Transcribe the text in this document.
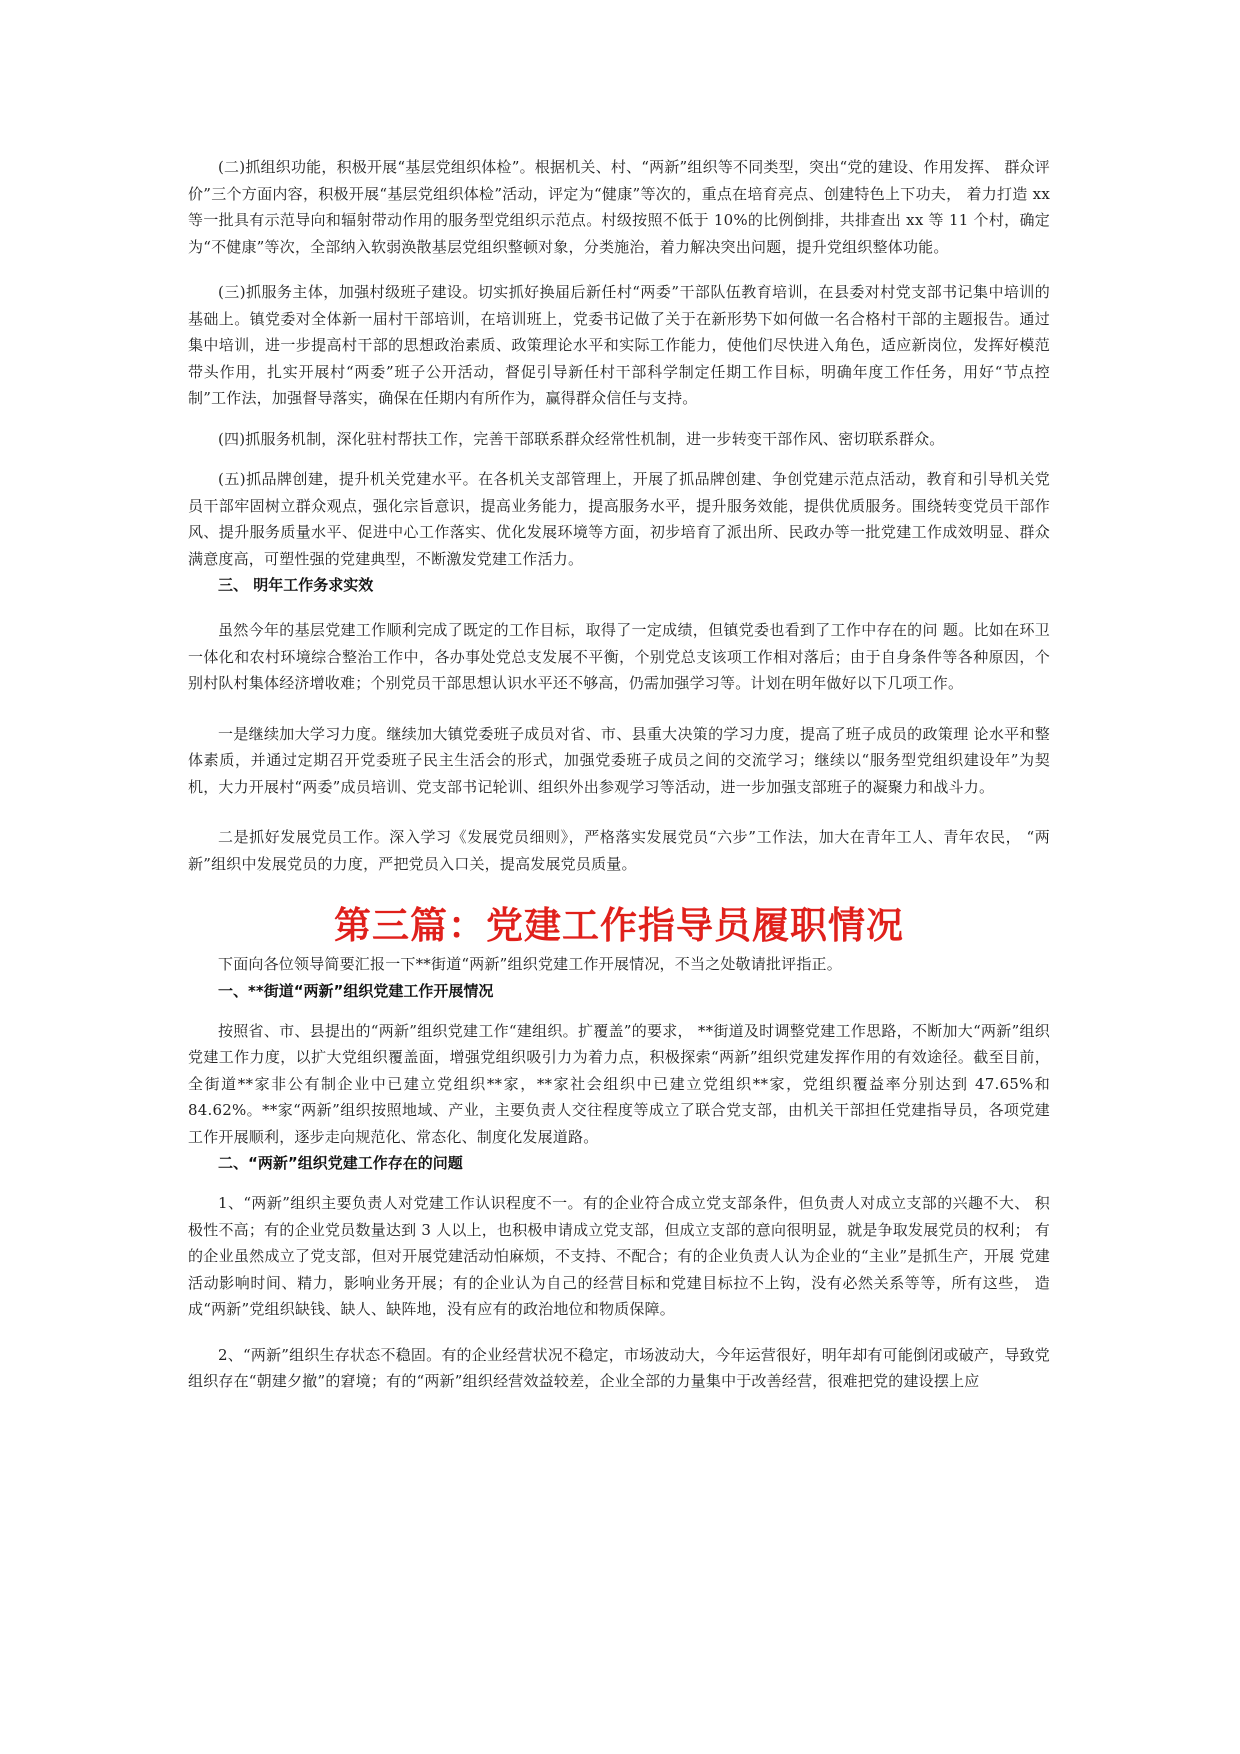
(二)抓组织功能，积极开展“基层党组织体检”。根据机关、村、“两新”组织等不同类型，突出“党的建设、作用发挥、 群众评价”三个方面内容，积极开展“基层党组织体检”活动，评定为“健康”等次的，重点在培育亮点、创建特色上下功夫， 着力打造 xx 等一批具有示范导向和辐射带动作用的服务型党组织示范点。村级按照不低于 10%的比例倒排，共排查出 xx 等 11 个村，确定为“不健康”等次，全部纳入软弱涣散基层党组织整顿对象，分类施治，着力解决突出问题，提升党组织整体功能。

(三)抓服务主体，加强村级班子建设。切实抓好换届后新任村“两委”干部队伍教育培训，在县委对村党支部书记集中培训的基础上。镇党委对全体新一届村干部培训，在培训班上，党委书记做了关于在新形势下如何做一名合格村干部的主题报告。通过集中培训，进一步提高村干部的思想政治素质、政策理论水平和实际工作能力，使他们尽快进入角色，适应新岗位，发挥好模范带头作用，扎实开展村“两委”班子公开活动，督促引导新任村干部科学制定任期工作目标，明确年度工作任务，用好“节点控制”工作法，加强督导落实，确保在任期内有所作为，赢得群众信任与支持。

(四)抓服务机制，深化驻村帮扶工作，完善干部联系群众经常性机制，进一步转变干部作风、密切联系群众。

(五)抓品牌创建，提升机关党建水平。在各机关支部管理上，开展了抓品牌创建、争创党建示范点活动，教育和引导机关党员干部牢固树立群众观点，强化宗旨意识，提高业务能力，提高服务水平，提升服务效能，提供优质服务。围绕转变党员干部作风、提升服务质量水平、促进中心工作落实、优化发展环境等方面，初步培育了派出所、民政办等一批党建工作成效明显、群众满意度高，可塑性强的党建典型，不断激发党建工作活力。

三、 明年工作务求实效

虽然今年的基层党建工作顺利完成了既定的工作目标，取得了一定成绩，但镇党委也看到了工作中存在的问 题。比如在环卫一体化和农村环境综合整治工作中，各办事处党总支发展不平衡，个别党总支该项工作相对落后；由于自身条件等各种原因，个别村队村集体经济增收难；个别党员干部思想认识水平还不够高，仍需加强学习等。计划在明年做好以下几项工作。

一是继续加大学习力度。继续加大镇党委班子成员对省、市、县重大决策的学习力度，提高了班子成员的政策理 论水平和整体素质，并通过定期召开党委班子民主生活会的形式，加强党委班子成员之间的交流学习；继续以“服务型党组织建设年”为契机，大力开展村“两委”成员培训、党支部书记轮训、组织外出参观学习等活动，进一步加强支部班子的凝聚力和战斗力。

二是抓好发展党员工作。深入学习《发展党员细则》，严格落实发展党员“六步”工作法，加大在青年工人、青年农民， “两新”组织中发展党员的力度，严把党员入口关，提高发展党员质量。

第三篇：党建工作指导员履职情况

下面向各位领导简要汇报一下**街道“两新”组织党建工作开展情况，不当之处敬请批评指正。

一、**街道“两新”组织党建工作开展情况

按照省、市、县提出的“两新”组织党建工作“建组织。扩覆盖”的要求， **街道及时调整党建工作思路，不断加大“两新”组织党建工作力度，以扩大党组织覆盖面，增强党组织吸引力为着力点，积极探索“两新”组织党建发挥作用的有效途径。截至目前，全街道**家非公有制企业中已建立党组织**家，**家社会组织中已建立党组织**家，党组织覆益率分别达到 47.65%和 84.62%。**家“两新”组织按照地域、产业，主要负责人交往程度等成立了联合党支部，由机关干部担任党建指导员，各项党建工作开展顺利，逐步走向规范化、常态化、制度化发展道路。

二、“两新”组织党建工作存在的问题

1、“两新”组织主要负责人对党建工作认识程度不一。有的企业符合成立党支部条件，但负责人对成立支部的兴趣不大、 积极性不高；有的企业党员数量达到 3 人以上，也积极申请成立党支部，但成立支部的意向很明显，就是争取发展党员的权利； 有的企业虽然成立了党支部，但对开展党建活动怕麻烦，不支持、不配合；有的企业负责人认为企业的“主业”是抓生产，开展 党建活动影响时间、精力，影响业务开展；有的企业认为自己的经营目标和党建目标拉不上钩，没有必然关系等等，所有这些， 造成“两新”党组织缺钱、缺人、缺阵地，没有应有的政治地位和物质保障。

2、“两新”组织生存状态不稳固。有的企业经营状况不稳定，市场波动大，今年运营很好，明年却有可能倒闭或破产，导致党组织存在“朝建夕撤”的窘境；有的“两新”组织经营效益较差，企业全部的力量集中于改善经营，很难把党的建设摆上应
